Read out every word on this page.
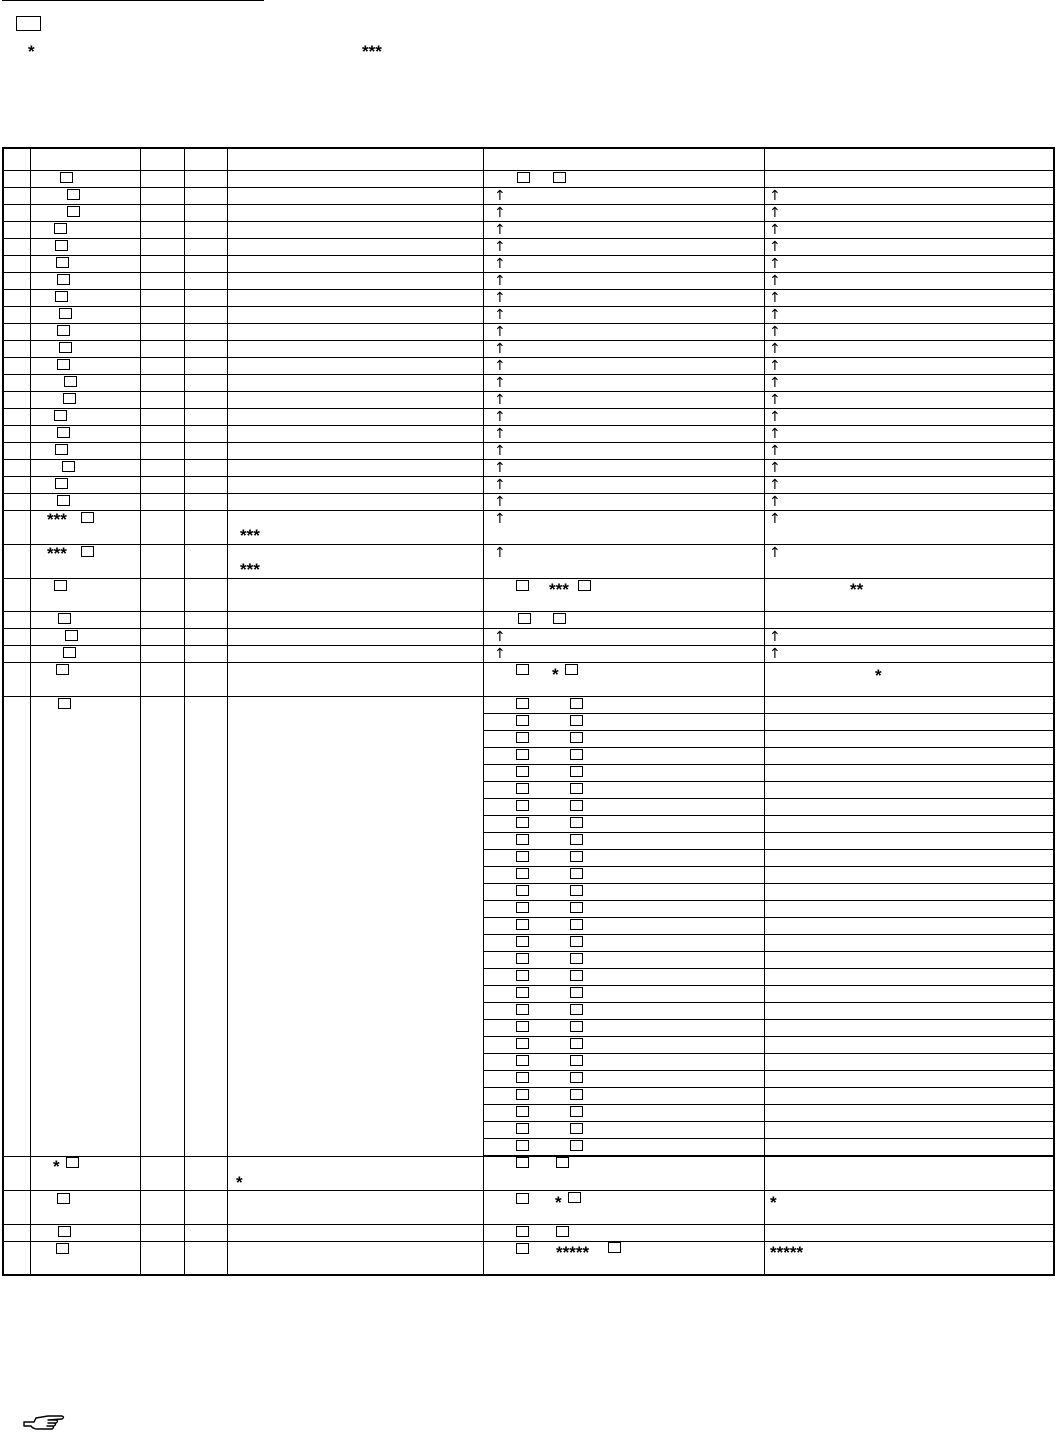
*	***
***
***
*
***
***
*
↑
↑
↑
↑
↑
↑
↑
↑
↑
↑
↑
↑
↑
↑
↑
↑
↑
↑
↑
↑
↑
↑
↑
***
*
*
*****
↑
↑
↑
↑
↑
↑
↑
↑
↑
↑
↑
↑
↑
↑
↑
↑
↑
↑
↑
↑
↑
↑
↑
**
*
*
*****
